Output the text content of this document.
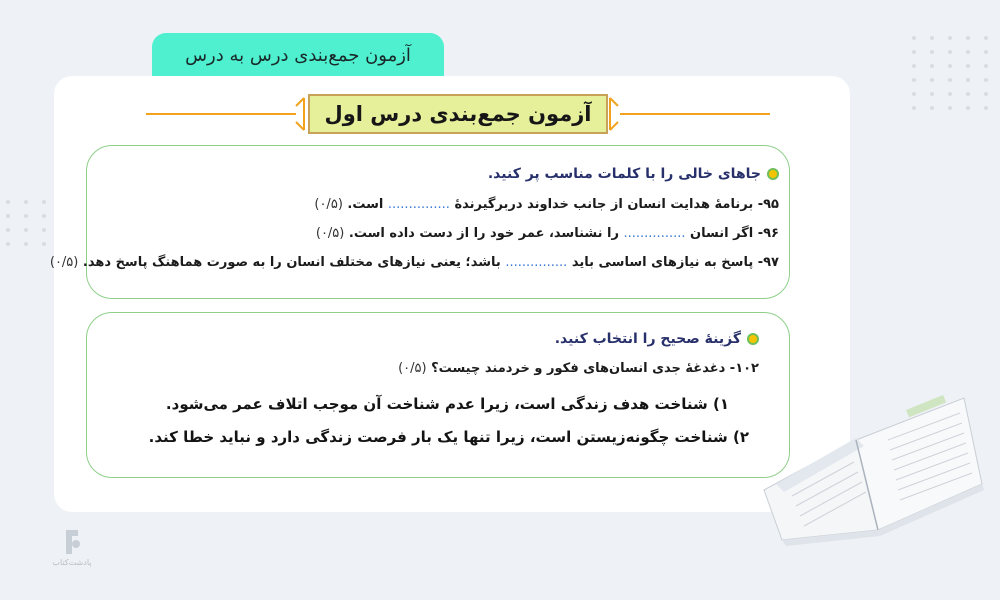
آزمون جمع‌بندی درس به درس
آزمون جمع‌بندی درس اول
جاهای خالی را با کلمات مناسب پر کنید.
۹۵- برنامهٔ هدایت انسان از جانب خداوند دربرگیرندهٔ ............... است. (۰/۵)
۹۶- اگر انسان ............... را نشناسد، عمر خود را از دست داده است. (۰/۵)
۹۷- پاسخ به نیازهای اساسی باید ............... باشد؛ یعنی نیازهای مختلف انسان را به صورت هماهنگ پاسخ دهد. (۰/۵)
گزینهٔ صحیح را انتخاب کنید.
۱۰۲- دغدغهٔ جدی انسان‌های فکور و خردمند چیست؟ (۰/۵)
۱) شناخت هدف زندگی است، زیرا عدم شناخت آن موجب اتلاف عمر می‌شود.
۲) شناخت چگونه‌زیستن است، زیرا تنها یک بار فرصت زندگی دارد و نباید خطا کند.
پادشت‌کتاب
